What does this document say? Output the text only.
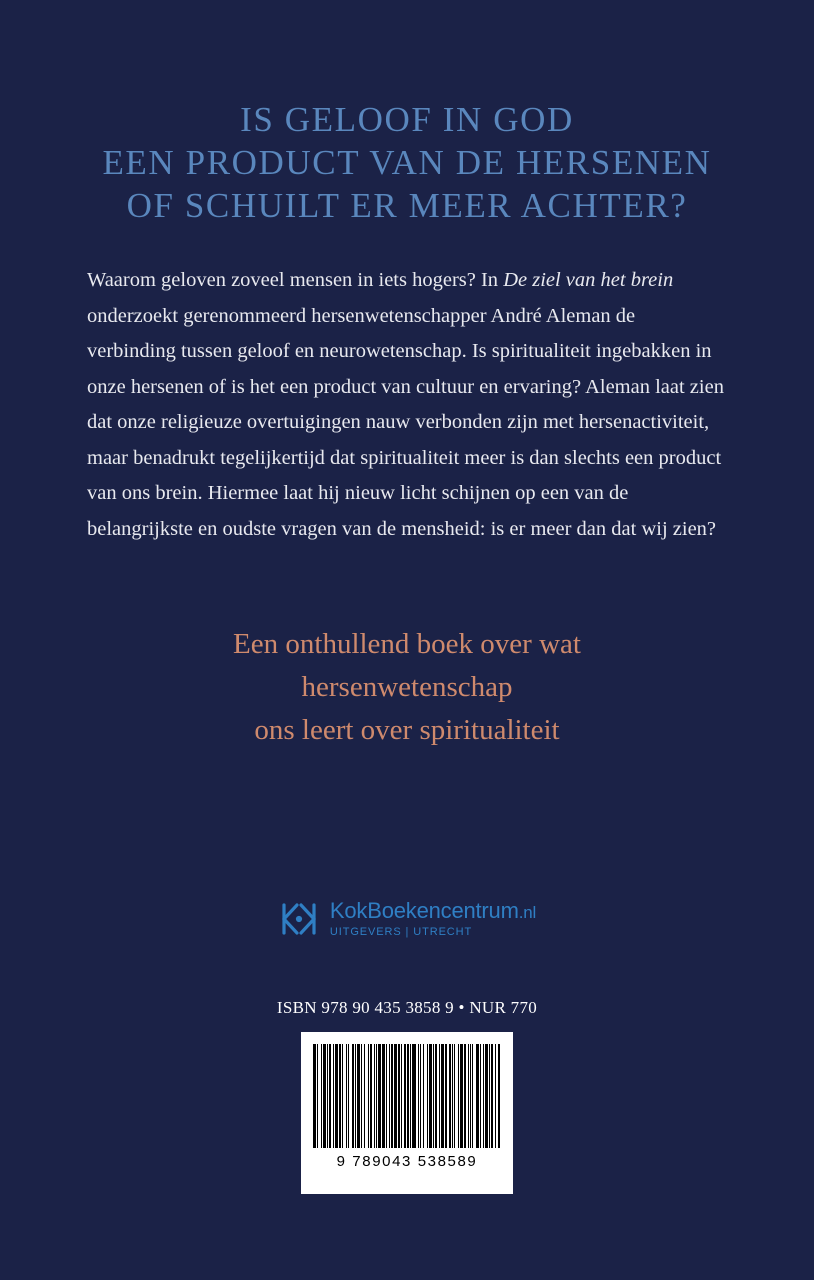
IS GELOOF IN GOD
EEN PRODUCT VAN DE HERSENEN
OF SCHUILT ER MEER ACHTER?

Waarom geloven zoveel mensen in iets hogers? In De ziel van het brein onderzoekt gerenommeerd hersenwetenschapper André Aleman de verbinding tussen geloof en neurowetenschap. Is spiritualiteit ingebakken in onze hersenen of is het een product van cultuur en ervaring? Aleman laat zien dat onze religieuze overtuigingen nauw verbonden zijn met hersenactiviteit, maar benadrukt tegelijkertijd dat spiritualiteit meer is dan slechts een product van ons brein. Hiermee laat hij nieuw licht schijnen op een van de belangrijkste en oudste vragen van de mensheid: is er meer dan dat wij zien?

Een onthullend boek over wat
hersenwetenschap
ons leert over spiritualiteit
KokBoekencentrum.nl
UITGEVERS | UTRECHT
ISBN 978 90 435 3858 9 • NUR 770
9 789043 538589
